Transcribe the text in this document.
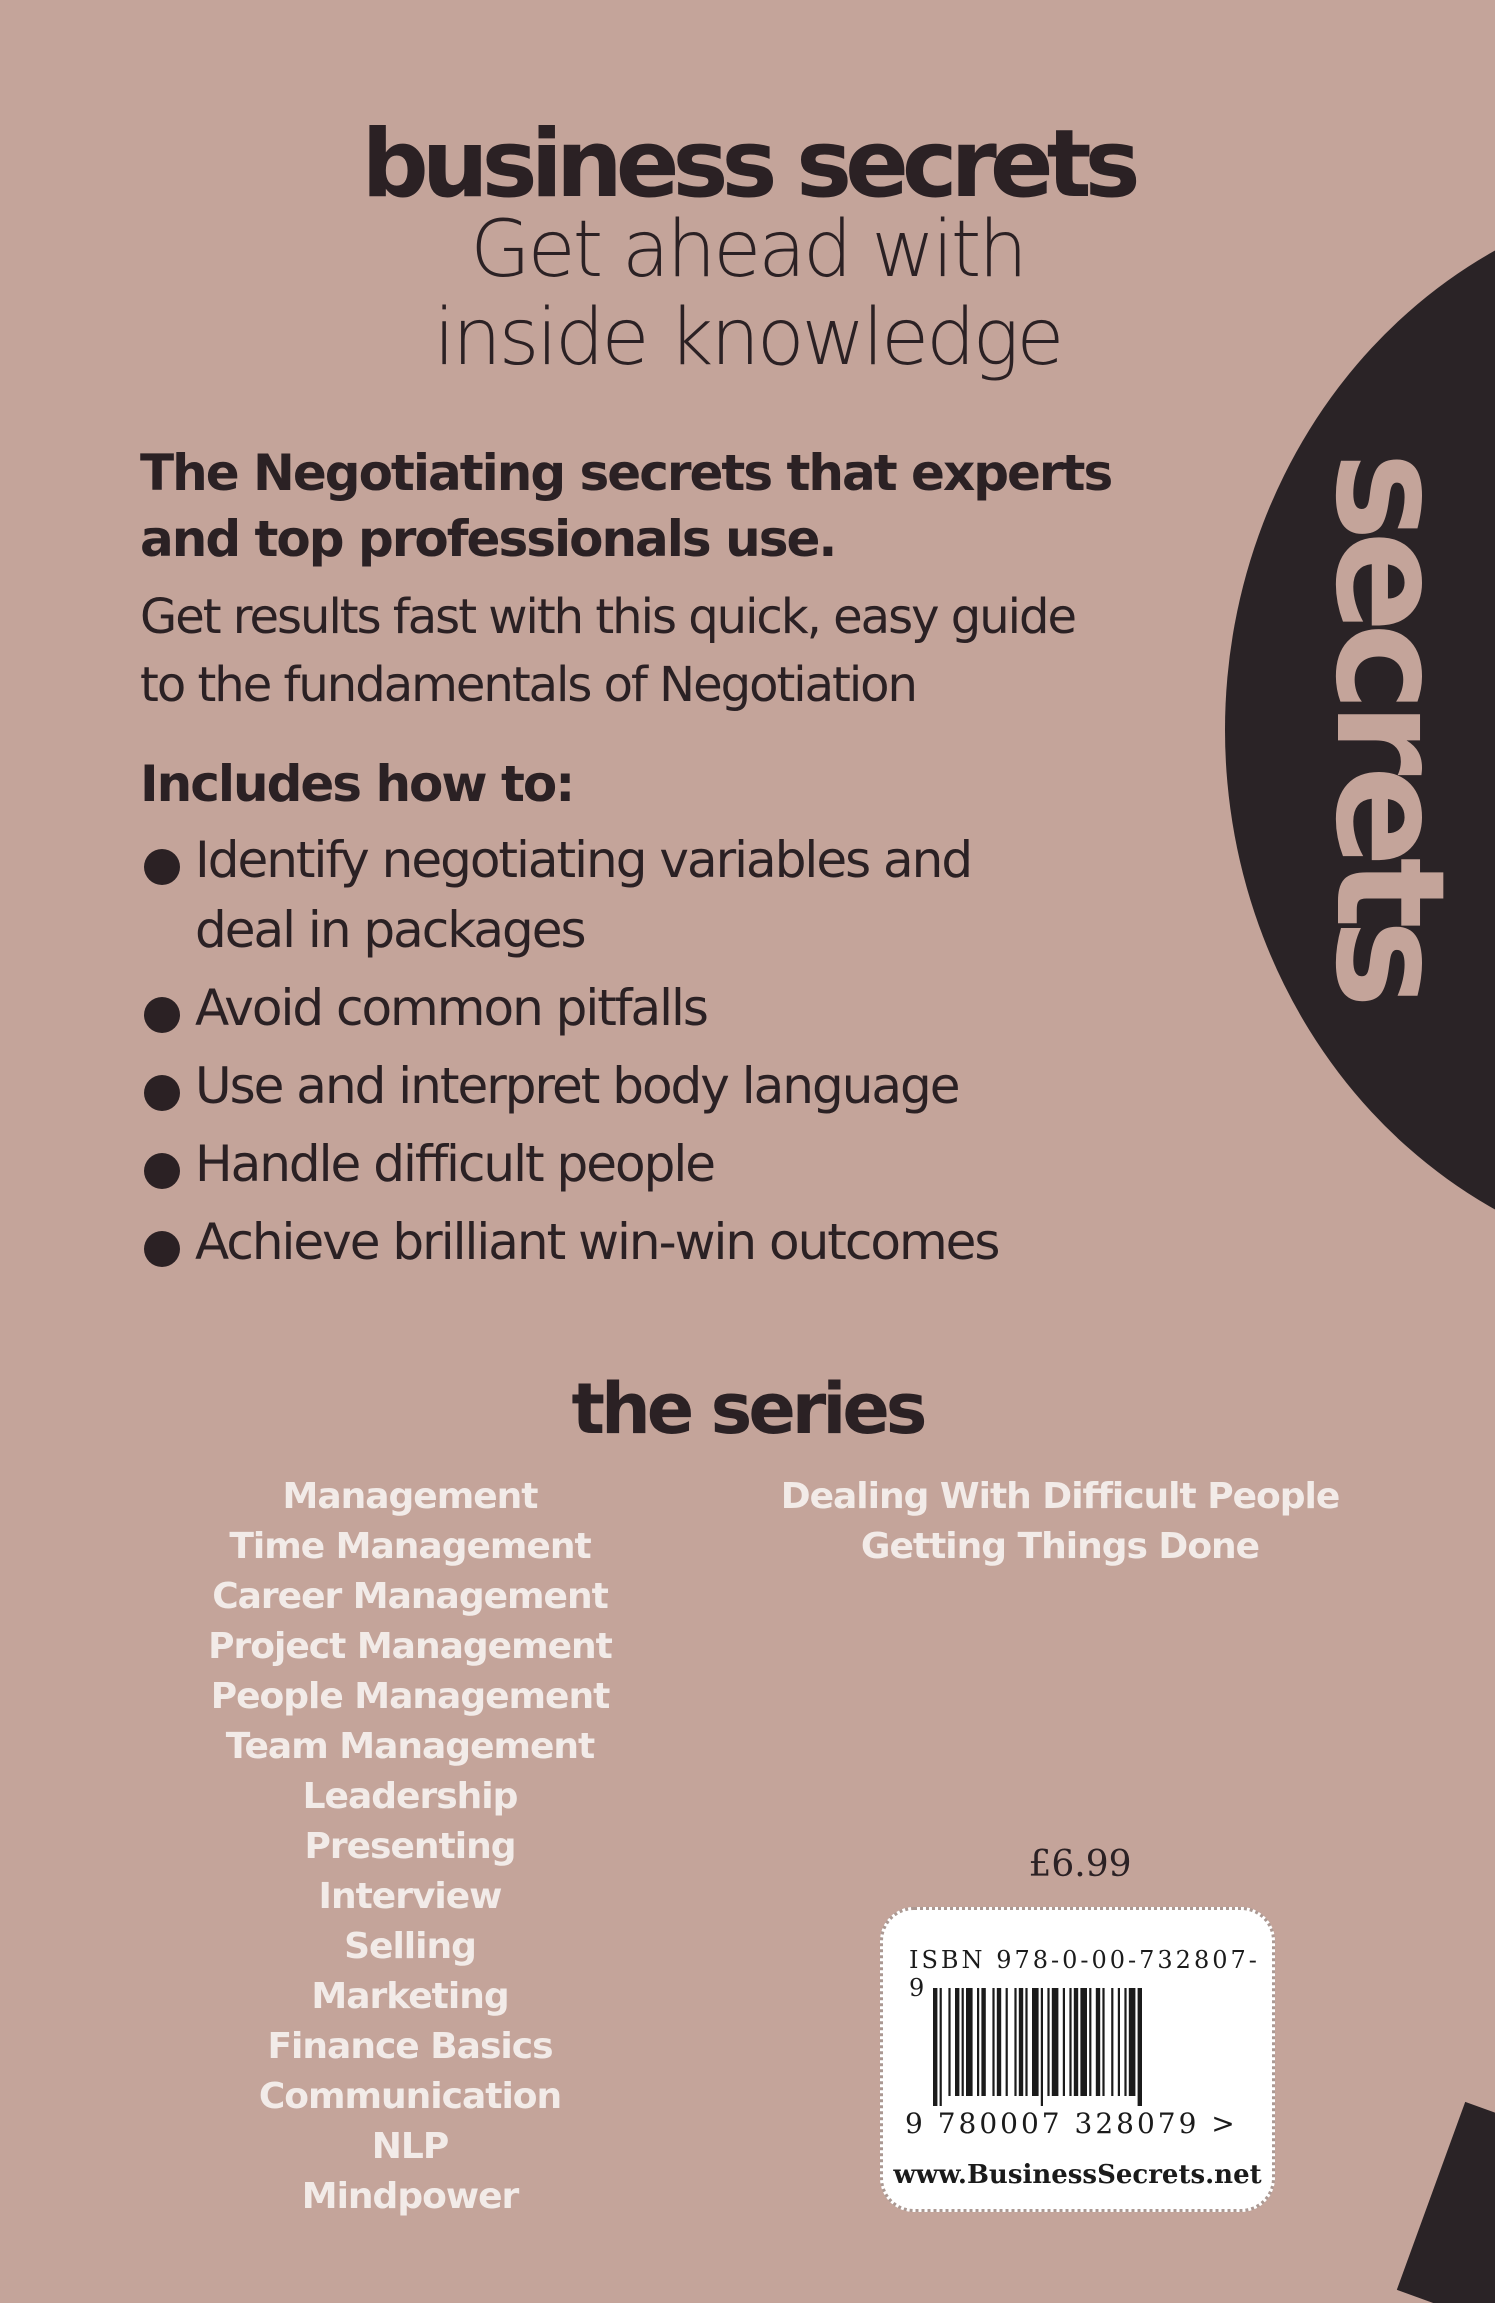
secrets
business secrets
Get ahead with
inside knowledge
The Negotiating secrets that experts
and top professionals use.
Get results fast with this quick, easy guide
to the fundamentals of Negotiation
Includes how to:
Identify negotiating variables and
deal in packages
Avoid common pitfalls
Use and interpret body language
Handle difficult people
Achieve brilliant win-win outcomes
the series
Management
Time Management
Career Management
Project Management
People Management
Team Management
Leadership
Presenting
Interview
Selling
Marketing
Finance Basics
Communication
NLP
Mindpower
Dealing With Difficult People
Getting Things Done
£6.99
ISBN 978-0-00-732807-9
9 780007 328079 >
www.BusinessSecrets.net
